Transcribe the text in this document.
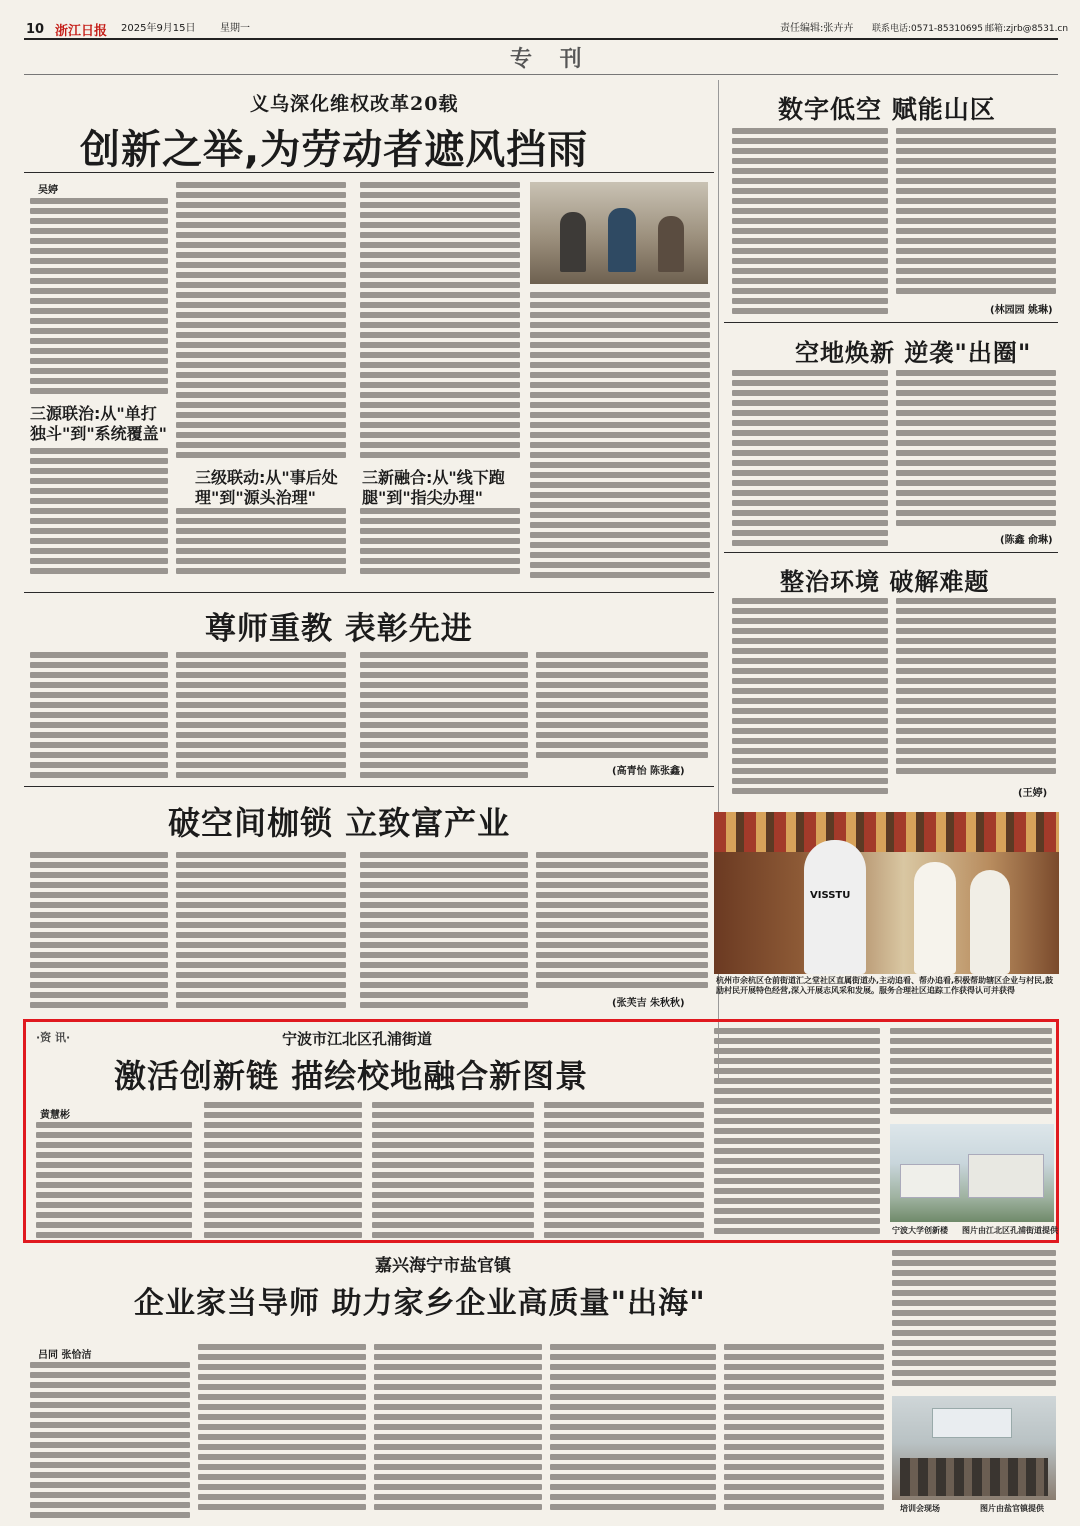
10 浙江日报 2025年9月15日 星期一	责任编辑:张卉卉 联系电话:0571-85310695 邮箱:zjrb@8531.cn
专 刊
义乌深化维权改革20载
创新之举,为劳动者遮风挡雨
吴婷
三源联治:从"单打独斗"到"系统覆盖"
三级联动:从"事后处理"到"源头治理"
三新融合:从"线下跑腿"到"指尖办理"
数字低空 赋能山区
(林园园 姚琳)
空地焕新 逆袭"出圈"
(陈鑫 俞琳)
整治环境 破解难题
(王婷)
VISSTU
杭州市余杭区仓前街道汇之堂社区直属街道办,主动追看、帮办追看,积极帮助辖区企业与村民,鼓励村民开展特色经营,深入开展志风采和发展。服务合理社区追踪工作获得认可并获得
尊师重教 表彰先进
(高青怡 陈张鑫)
破空间枷锁 立致富产业
(张芙吉 朱秋秋)
·资 讯·	宁波市江北区孔浦街道
激活创新链 描绘校地融合新图景
黄慧彬
宁波大学创新楼 图片由江北区孔浦街道提供
嘉兴海宁市盐官镇
企业家当导师 助力家乡企业高质量"出海"
吕同 张恰洁
培训会现场	图片由盐官镇提供
